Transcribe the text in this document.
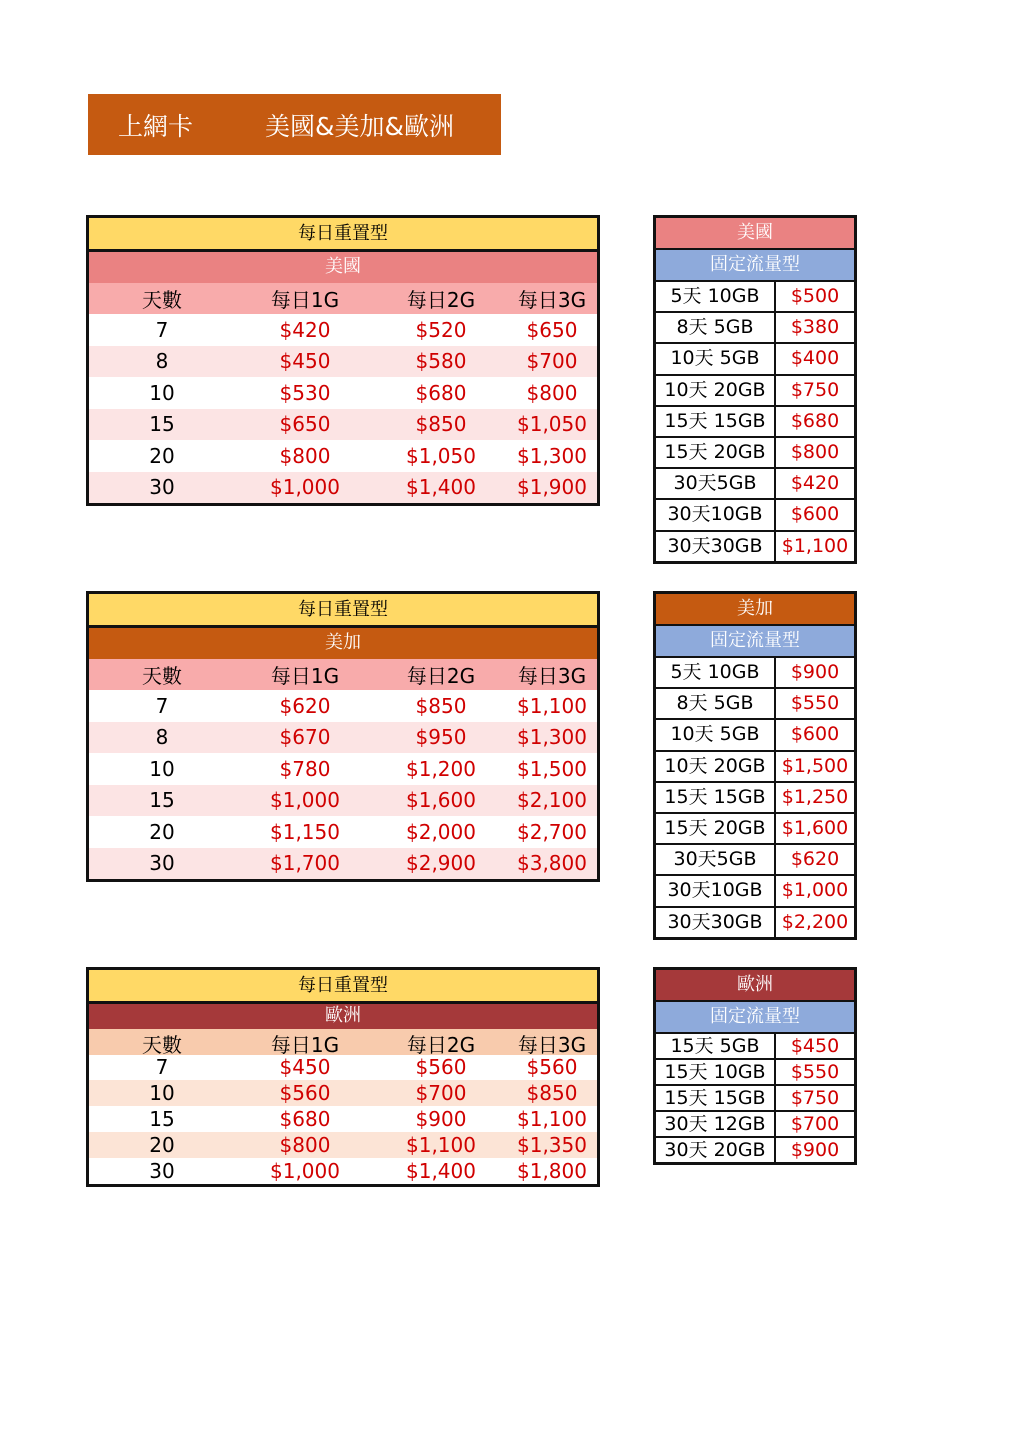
上網卡	美國&美加&歐洲
每日重置型
美國
天數	每日1G	每日2G	每日3G
7	$420	$520	$650
8	$450	$580	$700
10	$530	$680	$800
15	$650	$850	$1,050
20	$800	$1,050	$1,300
30	$1,000	$1,400	$1,900
美國
固定流量型
5天 10GB	$500
8天 5GB	$380
10天 5GB	$400
10天 20GB	$750
15天 15GB	$680
15天 20GB	$800
30天5GB	$420
30天10GB	$600
30天30GB	$1,100
每日重置型
美加
天數	每日1G	每日2G	每日3G
7	$620	$850	$1,100
8	$670	$950	$1,300
10	$780	$1,200	$1,500
15	$1,000	$1,600	$2,100
20	$1,150	$2,000	$2,700
30	$1,700	$2,900	$3,800
美加
固定流量型
5天 10GB	$900
8天 5GB	$550
10天 5GB	$600
10天 20GB $1,500
15天 15GB $1,250
15天 20GB $1,600
30天5GB	$620
30天10GB	$1,000
30天30GB	$2,200
每日重置型
歐洲
天數	每日1G	每日2G	每日3G
7	$450	$560	$560
10	$560	$700	$850
15	$680	$900	$1,100
20	$800	$1,100	$1,350
30	$1,000	$1,400	$1,800
歐洲
固定流量型
15天 5GB	$450
15天 10GB	$550
15天 15GB	$750
30天 12GB	$700
30天 20GB	$900
